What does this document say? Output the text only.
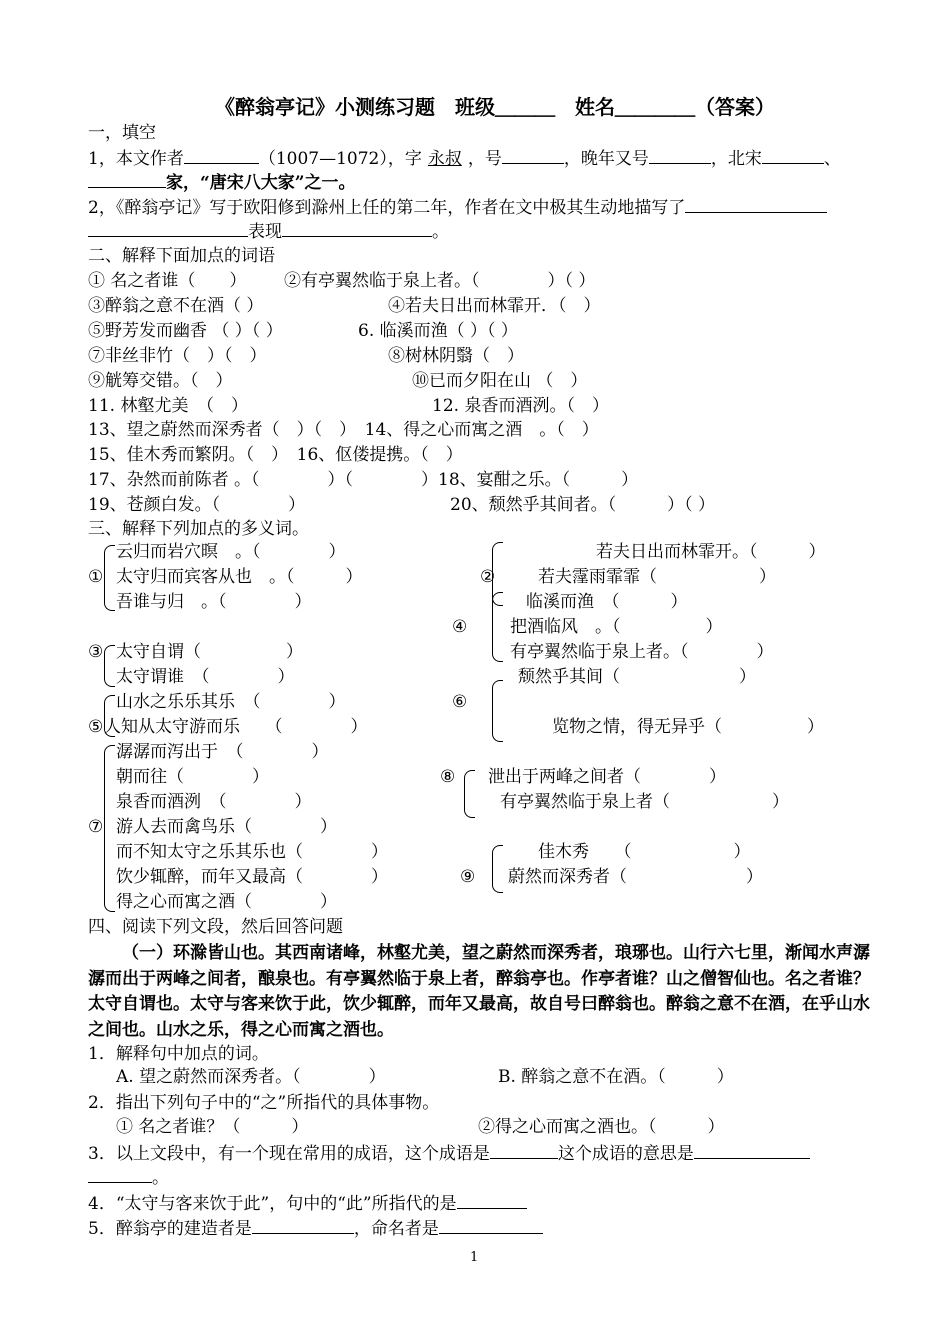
《醉翁亭记》小测练习题　班级＿＿＿　姓名＿＿＿＿（答案）
一，填空
1，本文作者	（1007—1072），字 永叔 ，号	，晚年又号	，北宋	、
家，“唐宋八大家”之一。
2，《醉翁亭记》写于欧阳修到滁州上任的第二年，作者在文中极其生动地描写了
表现	。
二、解释下面加点的词语
① 名之者谁（　　） ②有亭翼然临于泉上者。（　　　　）（ ）
③醉翁之意不在酒（ ）	④若夫日出而林霏开．（　）
⑤野芳发而幽香 （ ）（ ）	6. 临溪而渔（ ）（ ）
⑦非丝非竹（　）（　）	⑧树林阴翳（　）
⑨觥筹交错。（　）	⑩已而夕阳在山 （　）
11. 林壑尤美　（　）	12. 泉香而酒洌。（　）
13、望之蔚然而深秀者（　）（　）　14、得之心而寓之酒　。（　）
15、佳木秀而繁阴。（　）　16、伛偻提携。（　）
17、杂然而前陈者 。（　　　　）（　　　　）18、宴酣之乐。（　　　）
19、苍颜白发。（　　　　）	20、颓然乎其间者。（　　　）（ ）
三、解释下列加点的多义词。
①
云归而岩穴暝　。（　　　　）
太守归而宾客从也　。（　　　）
吾谁与归　。（　　　　）
②
若夫日出而林霏开。（　　　）
若夫霪雨霏霏（　　　　　　）
④
临溪而渔　（　　　）
把酒临风　。（　　　　　）
有亭翼然临于泉上者。（　　　　）
③ 太守自谓（　　　　　）
太守谓谁　（　　　　）
⑥
颓然乎其间（　　　　　　　）
览物之情，得无异乎（　　　　　）
⑤
山水之乐乐其乐　（　　　　）
人知从太守游而乐　　（　　　　）
⑦
潺潺而泻出于　（　　　　）
朝而往（　　　　）
泉香而酒洌　（　　　　）
游人去而禽鸟乐（　　　　）
而不知太守之乐其乐也（　　　　）
饮少辄醉，而年又最高（　　　　）
得之心而寓之酒（　　　　）
⑧ 泄出于两峰之间者（　　　　）
有亭翼然临于泉上者（　　　　　　）
⑨
佳木秀　　（　　　　　　）
蔚然而深秀者（　　　　　　　）
四、阅读下列文段，然后回答问题
（一）环滁皆山也。其西南诸峰，林壑尤美，望之蔚然而深秀者，琅琊也。山行六七里，渐闻水声潺潺而出于两峰之间者，酿泉也。有亭翼然临于泉上者，醉翁亭也。作亭者谁？山之僧智仙也。名之者谁？太守自谓也。太守与客来饮于此，饮少辄醉，而年又最高，故自号曰醉翁也。醉翁之意不在酒，在乎山水之间也。山水之乐，得之心而寓之酒也。
1．解释句中加点的词。
A. 望之蔚然而深秀者。（　　　　）	B. 醉翁之意不在酒。（　　　）
2．指出下列句子中的“之”所指代的具体事物。
① 名之者谁？（　　　）	②得之心而寓之酒也。（　　　）
3．以上文段中，有一个现在常用的成语，这个成语是	这个成语的意思是
。
4．“太守与客来饮于此”，句中的“此”所指代的是
5．醉翁亭的建造者是	，命名者是
1
